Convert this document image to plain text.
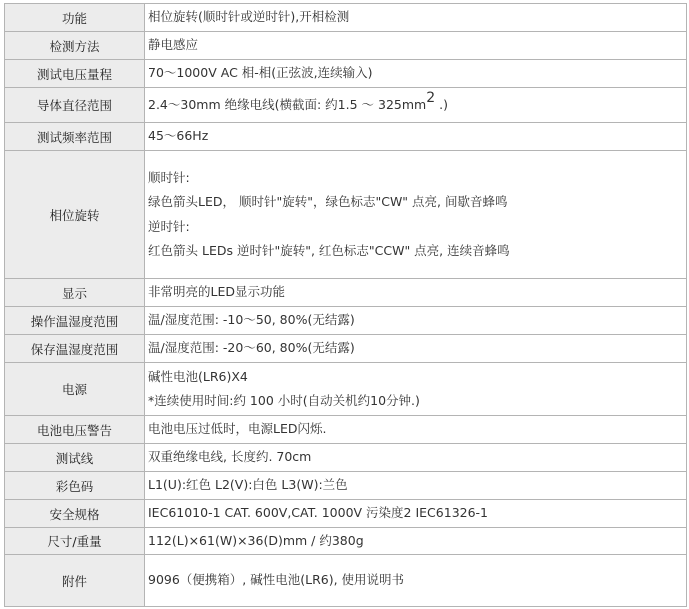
功能	相位旋转(顺时针或逆时针),开相检测

检测方法	静电感应

测试电压量程	70～1000V AC 相-相(正弦波,连续输入)

导体直径范围	2.4～30mm 绝缘电线(横截面: 约1.5 ～ $325mm^2$ .)

测试频率范围	45～66Hz

相位旋转	顺时针:
绿色箭头LED， 顺时针"旋转"，绿色标志"CW" 点亮, 间歇音蜂鸣
逆时针:
红色箭头 LEDs 逆时针"旋转", 红色标志"CCW" 点亮, 连续音蜂鸣

显示	非常明亮的LED显示功能

操作温湿度范围	温/湿度范围: -10～50, 80%(无结露)

保存温湿度范围	温/湿度范围: -20～60, 80%(无结露)

电源	碱性电池(LR6)X4
*连续使用时间:约 100 小时(自动关机约10分钟.)

电池电压警告	电池电压过低时，电源LED闪烁.

测试线	双重绝缘电线, 长度约. 70cm

彩色码	L1(U):红色 L2(V):白色 L3(W):兰色

安全规格	IEC61010-1 CAT. 600V,CAT. 1000V 污染度2 IEC61326-1

尺寸/重量	112(L)×61(W)×36(D)mm / 约380g

附件	9096（便携箱）, 碱性电池(LR6), 使用说明书
